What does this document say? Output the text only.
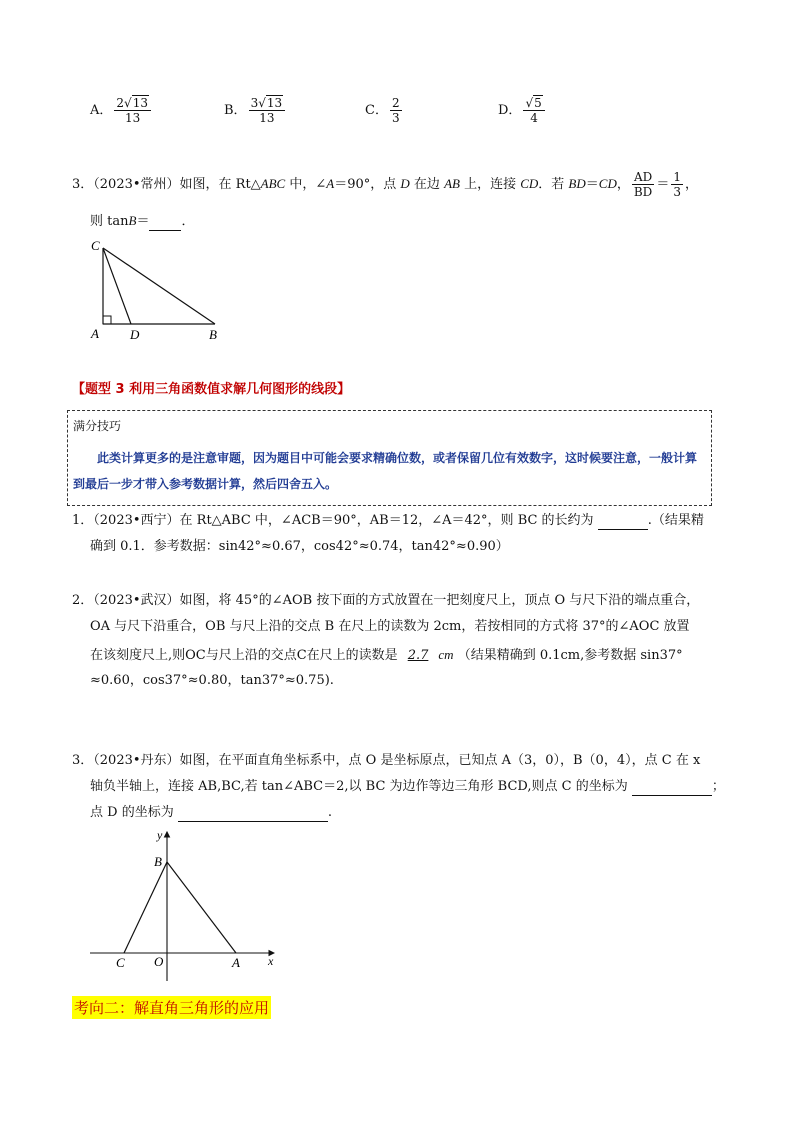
A． $\frac{2√13}{13}$	B． $\frac{3√13}{13}$	C． $\frac{2}{3}$	D． $\frac{√5}{4}$
3．（2023•常州）如图，在 Rt△ABC 中，∠A＝90°，点 D 在边 AB 上，连接 CD．若 BD＝CD， $\frac{AD}{BD} = \frac{1}{3}$ ，
则 tanB＝ ．
C
A D	B
【题型 3 利用三角函数值求解几何图形的线段】
满分技巧
此类计算更多的是注意审题，因为题目中可能会要求精确位数，或者保留几位有效数字，这时候要注意，一般计算到最后一步才带入参考数据计算，然后四舍五入。
1．（2023•西宁）在 Rt△ABC 中，∠ACB＝90°，AB＝12，∠A＝42°，则 BC 的长约为	.（结果精
确到 0.1．参考数据：sin42°≈0.67，cos42°≈0.74，tan42°≈0.90）
2．（2023•武汉）如图，将 45°的∠AOB 按下面的方式放置在一把刻度尺上，顶点 O 与尺下沿的端点重合，
OA 与尺下沿重合，OB 与尺上沿的交点 B 在尺上的读数为 2cm，若按相同的方式将 37°的∠AOC 放置
在该刻度尺上,则OC与尺上沿的交点C在尺上的读数是 2.7 cm （结果精确到 0.1cm,参考数据 sin37°
≈0.60，cos37°≈0.80，tan37°≈0.75).
3．（2023•丹东）如图，在平面直角坐标系中，点 O 是坐标原点，已知点 A（3，0），B（0，4），点 C 在 x
轴负半轴上，连接 AB,BC,若 tan∠ABC＝2,以 BC 为边作等边三角形 BCD,则点 C 的坐标为	；
点 D 的坐标为	.
y
B
C O	A x
考向二：解直角三角形的应用
